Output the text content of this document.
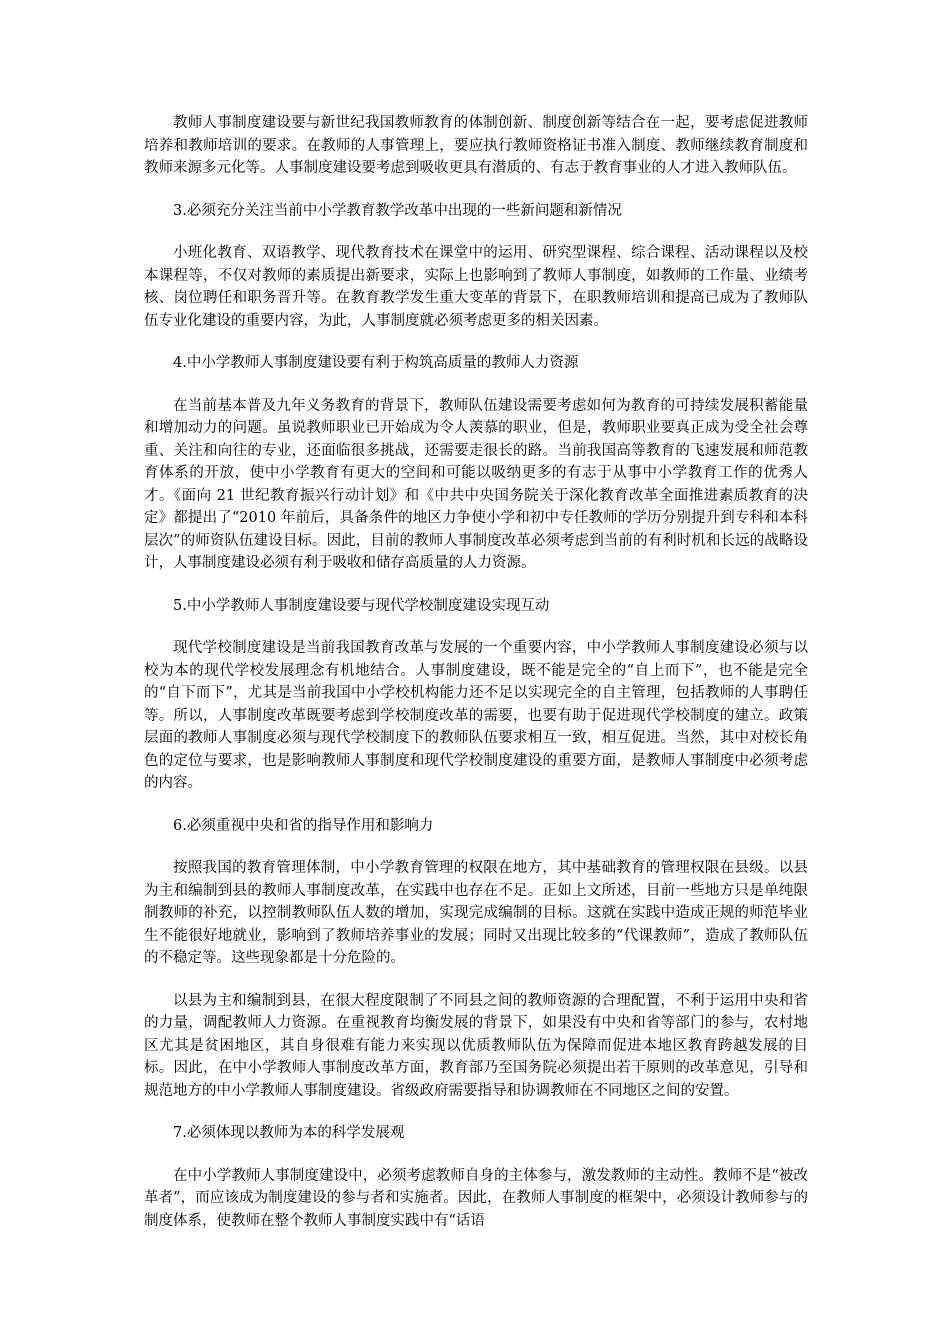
教师人事制度建设要与新世纪我国教师教育的体制创新、制度创新等结合在一起，要考虑促进教师培养和教师培训的要求。在教师的人事管理上，要应执行教师资格证书准入制度、教师继续教育制度和教师来源多元化等。人事制度建设要考虑到吸收更具有潜质的、有志于教育事业的人才进入教师队伍。

3.必须充分关注当前中小学教育教学改革中出现的一些新问题和新情况

小班化教育、双语教学、现代教育技术在课堂中的运用、研究型课程、综合课程、活动课程以及校本课程等，不仅对教师的素质提出新要求，实际上也影响到了教师人事制度，如教师的工作量、业绩考核、岗位聘任和职务晋升等。在教育教学发生重大变革的背景下，在职教师培训和提高已成为了教师队伍专业化建设的重要内容，为此，人事制度就必须考虑更多的相关因素。

4.中小学教师人事制度建设要有利于构筑高质量的教师人力资源

在当前基本普及九年义务教育的背景下，教师队伍建设需要考虑如何为教育的可持续发展积蓄能量和增加动力的问题。虽说教师职业已开始成为令人羡慕的职业，但是，教师职业要真正成为受全社会尊重、关注和向往的专业，还面临很多挑战，还需要走很长的路。当前我国高等教育的飞速发展和师范教育体系的开放，使中小学教育有更大的空间和可能以吸纳更多的有志于从事中小学教育工作的优秀人才。《面向 21 世纪教育振兴行动计划》和《中共中央国务院关于深化教育改革全面推进素质教育的决定》都提出了“2010 年前后，具备条件的地区力争使小学和初中专任教师的学历分别提升到专科和本科层次”的师资队伍建设目标。因此，目前的教师人事制度改革必须考虑到当前的有利时机和长远的战略设计，人事制度建设必须有利于吸收和储存高质量的人力资源。

5.中小学教师人事制度建设要与现代学校制度建设实现互动

现代学校制度建设是当前我国教育改革与发展的一个重要内容，中小学教师人事制度建设必须与以校为本的现代学校发展理念有机地结合。人事制度建设，既不能是完全的“自上而下”，也不能是完全的“自下而下”，尤其是当前我国中小学校机构能力还不足以实现完全的自主管理，包括教师的人事聘任等。所以，人事制度改革既要考虑到学校制度改革的需要，也要有助于促进现代学校制度的建立。政策层面的教师人事制度必须与现代学校制度下的教师队伍要求相互一致，相互促进。当然，其中对校长角色的定位与要求，也是影响教师人事制度和现代学校制度建设的重要方面，是教师人事制度中必须考虑的内容。

6.必须重视中央和省的指导作用和影响力

按照我国的教育管理体制，中小学教育管理的权限在地方，其中基础教育的管理权限在县级。以县为主和编制到县的教师人事制度改革，在实践中也存在不足。正如上文所述，目前一些地方只是单纯限制教师的补充，以控制教师队伍人数的增加，实现完成编制的目标。这就在实践中造成正规的师范毕业生不能很好地就业，影响到了教师培养事业的发展；同时又出现比较多的“代课教师”，造成了教师队伍的不稳定等。这些现象都是十分危险的。

以县为主和编制到县，在很大程度限制了不同县之间的教师资源的合理配置，不利于运用中央和省的力量，调配教师人力资源。在重视教育均衡发展的背景下，如果没有中央和省等部门的参与，农村地区尤其是贫困地区，其自身很难有能力来实现以优质教师队伍为保障而促进本地区教育跨越发展的目标。因此，在中小学教师人事制度改革方面，教育部乃至国务院必须提出若干原则的改革意见，引导和规范地方的中小学教师人事制度建设。省级政府需要指导和协调教师在不同地区之间的安置。

7.必须体现以教师为本的科学发展观

在中小学教师人事制度建设中，必须考虑教师自身的主体参与，激发教师的主动性。教师不是“被改革者”，而应该成为制度建设的参与者和实施者。因此，在教师人事制度的框架中，必须设计教师参与的制度体系，使教师在整个教师人事制度实践中有“话语
